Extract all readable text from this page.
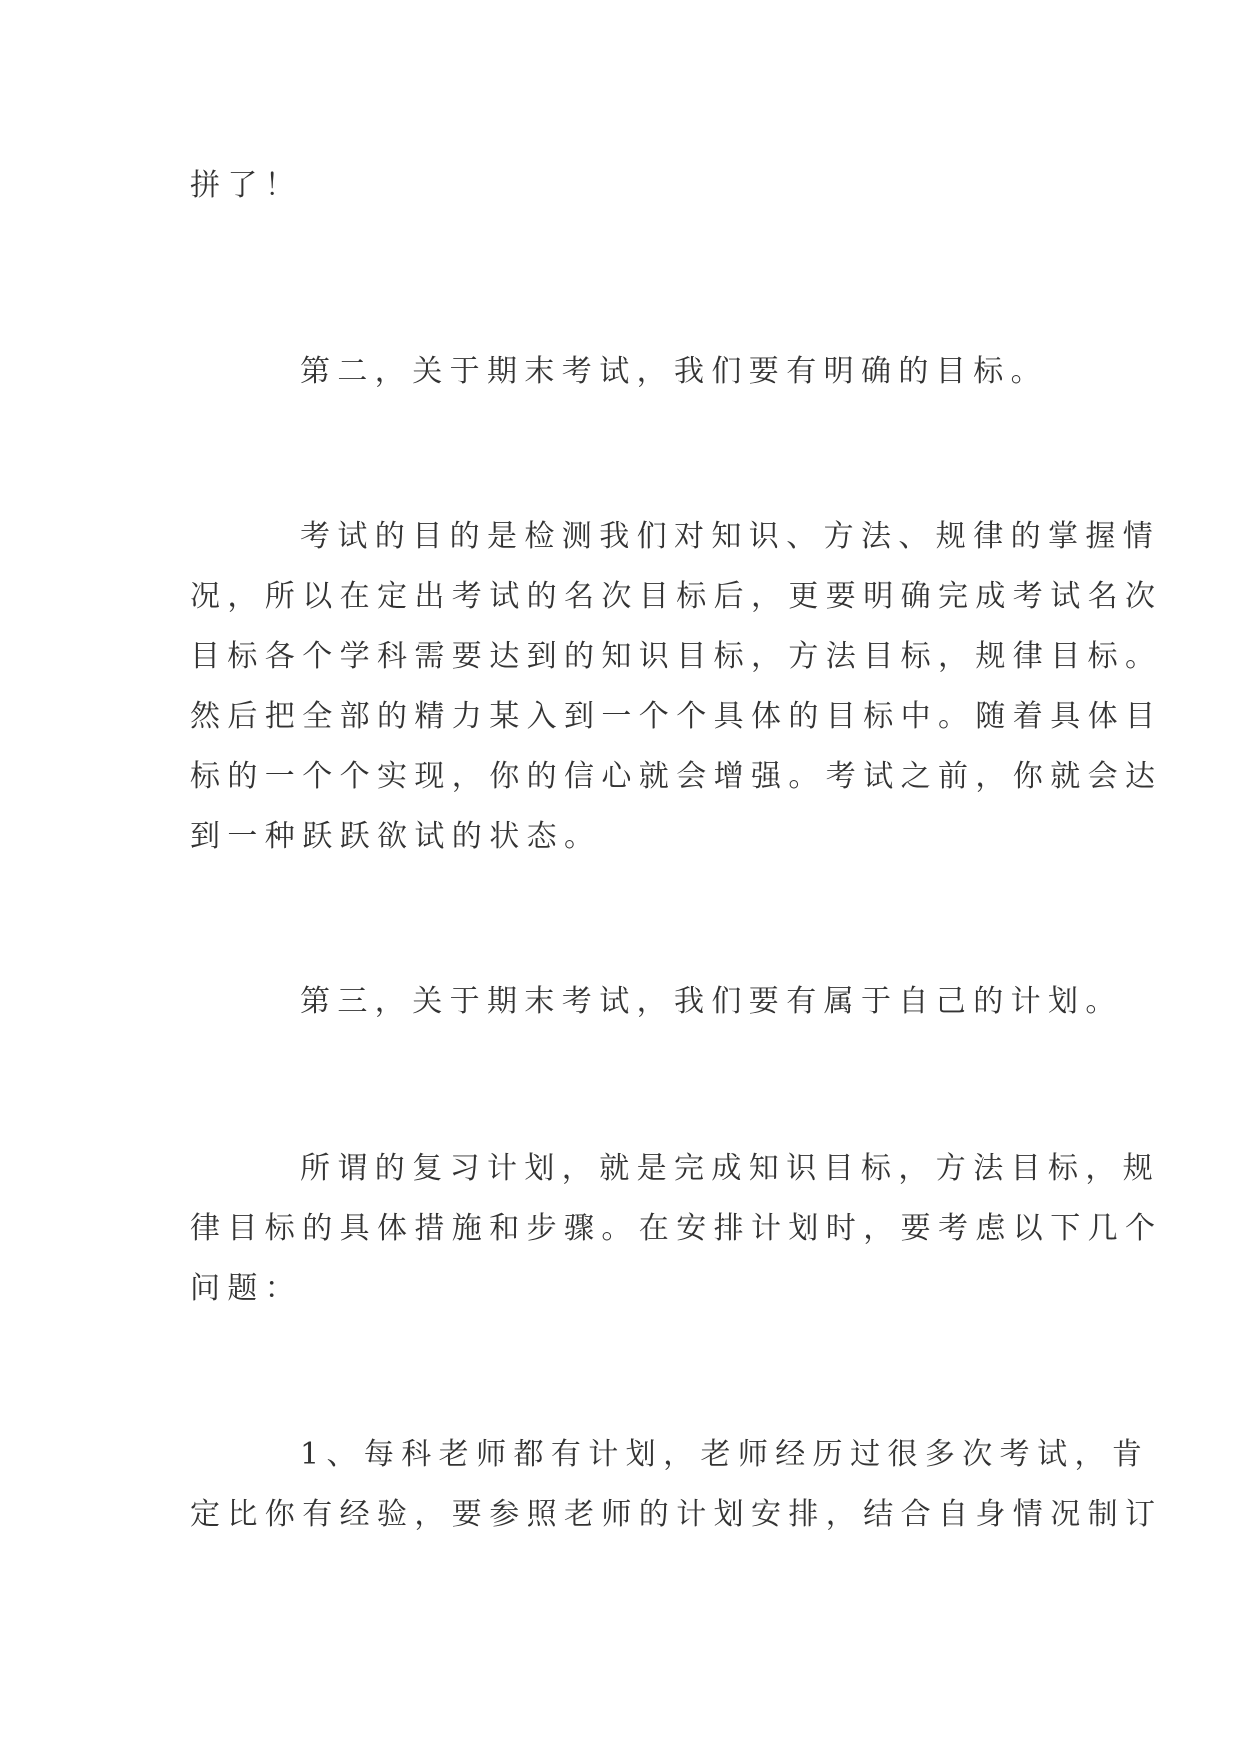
拼了！
第二，关于期末考试，我们要有明确的目标。
考试的目的是检测我们对知识、方法、规律的掌握情
况，所以在定出考试的名次目标后，更要明确完成考试名次
目标各个学科需要达到的知识目标，方法目标，规律目标。
然后把全部的精力某入到一个个具体的目标中。随着具体目
标的一个个实现，你的信心就会增强。考试之前，你就会达
到一种跃跃欲试的状态。
第三，关于期末考试，我们要有属于自己的计划。
所谓的复习计划，就是完成知识目标，方法目标，规
律目标的具体措施和步骤。在安排计划时，要考虑以下几个
问题：
1、每科老师都有计划，老师经历过很多次考试，肯
定比你有经验，要参照老师的计划安排，结合自身情况制订
